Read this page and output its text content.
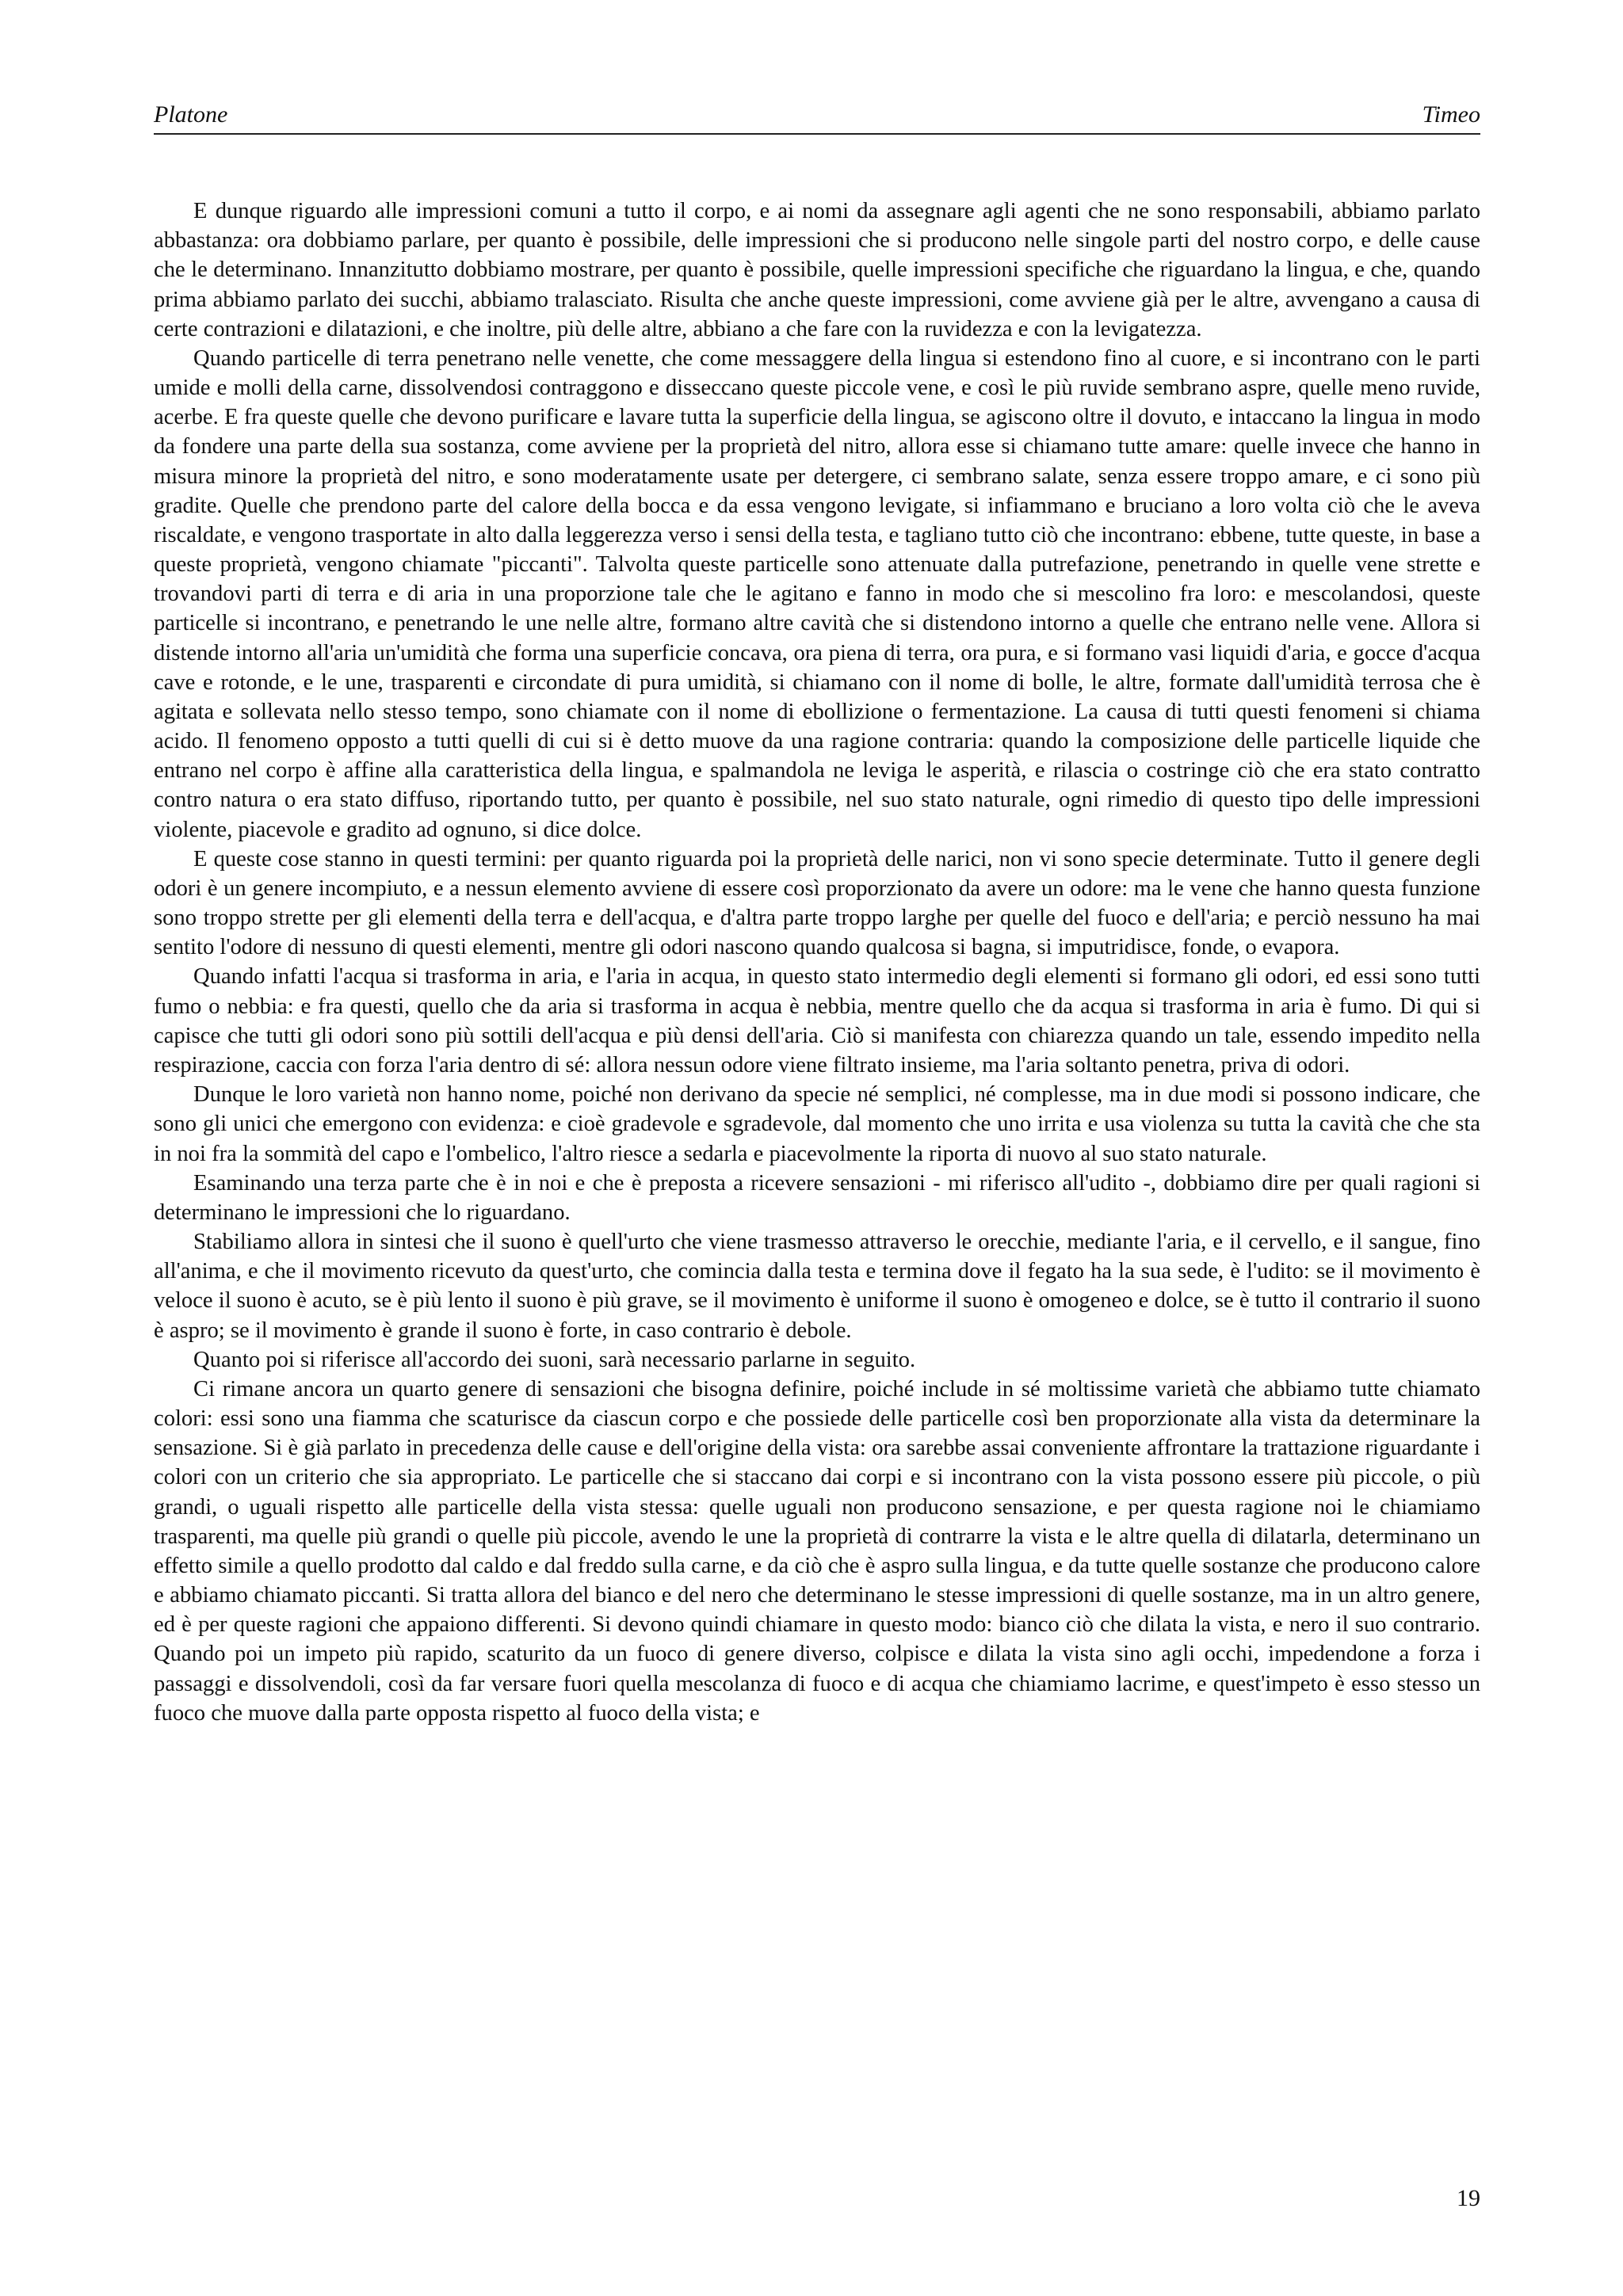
Platone	Timeo

E dunque riguardo alle impressioni comuni a tutto il corpo, e ai nomi da assegnare agli agenti che ne sono responsabili, abbiamo parlato abbastanza: ora dobbiamo parlare, per quanto è possibile, delle impressioni che si producono nelle singole parti del nostro corpo, e delle cause che le determinano. Innanzitutto dobbiamo mostrare, per quanto è possibile, quelle impressioni specifiche che riguardano la lingua, e che, quando prima abbiamo parlato dei succhi, abbiamo tralasciato. Risulta che anche queste impressioni, come avviene già per le altre, avvengano a causa di certe contrazioni e dilatazioni, e che inoltre, più delle altre, abbiano a che fare con la ruvidezza e con la levigatezza.

Quando particelle di terra penetrano nelle venette, che come messaggere della lingua si estendono fino al cuore, e si incontrano con le parti umide e molli della carne, dissolvendosi contraggono e disseccano queste piccole vene, e così le più ruvide sembrano aspre, quelle meno ruvide, acerbe. E fra queste quelle che devono purificare e lavare tutta la superficie della lingua, se agiscono oltre il dovuto, e intaccano la lingua in modo da fondere una parte della sua sostanza, come avviene per la proprietà del nitro, allora esse si chiamano tutte amare: quelle invece che hanno in misura minore la proprietà del nitro, e sono moderatamente usate per detergere, ci sembrano salate, senza essere troppo amare, e ci sono più gradite. Quelle che prendono parte del calore della bocca e da essa vengono levigate, si infiammano e bruciano a loro volta ciò che le aveva riscaldate, e vengono trasportate in alto dalla leggerezza verso i sensi della testa, e tagliano tutto ciò che incontrano: ebbene, tutte queste, in base a queste proprietà, vengono chiamate "piccanti". Talvolta queste particelle sono attenuate dalla putrefazione, penetrando in quelle vene strette e trovandovi parti di terra e di aria in una proporzione tale che le agitano e fanno in modo che si mescolino fra loro: e mescolandosi, queste particelle si incontrano, e penetrando le une nelle altre, formano altre cavità che si distendono intorno a quelle che entrano nelle vene. Allora si distende intorno all'aria un'umidità che forma una superficie concava, ora piena di terra, ora pura, e si formano vasi liquidi d'aria, e gocce d'acqua cave e rotonde, e le une, trasparenti e circondate di pura umidità, si chiamano con il nome di bolle, le altre, formate dall'umidità terrosa che è agitata e sollevata nello stesso tempo, sono chiamate con il nome di ebollizione o fermentazione. La causa di tutti questi fenomeni si chiama acido. Il fenomeno opposto a tutti quelli di cui si è detto muove da una ragione contraria: quando la composizione delle particelle liquide che entrano nel corpo è affine alla caratteristica della lingua, e spalmandola ne leviga le asperità, e rilascia o costringe ciò che era stato contratto contro natura o era stato diffuso, riportando tutto, per quanto è possibile, nel suo stato naturale, ogni rimedio di questo tipo delle impressioni violente, piacevole e gradito ad ognuno, si dice dolce.

E queste cose stanno in questi termini: per quanto riguarda poi la proprietà delle narici, non vi sono specie determinate. Tutto il genere degli odori è un genere incompiuto, e a nessun elemento avviene di essere così proporzionato da avere un odore: ma le vene che hanno questa funzione sono troppo strette per gli elementi della terra e dell'acqua, e d'altra parte troppo larghe per quelle del fuoco e dell'aria; e perciò nessuno ha mai sentito l'odore di nessuno di questi elementi, mentre gli odori nascono quando qualcosa si bagna, si imputridisce, fonde, o evapora.

Quando infatti l'acqua si trasforma in aria, e l'aria in acqua, in questo stato intermedio degli elementi si formano gli odori, ed essi sono tutti fumo o nebbia: e fra questi, quello che da aria si trasforma in acqua è nebbia, mentre quello che da acqua si trasforma in aria è fumo. Di qui si capisce che tutti gli odori sono più sottili dell'acqua e più densi dell'aria. Ciò si manifesta con chiarezza quando un tale, essendo impedito nella respirazione, caccia con forza l'aria dentro di sé: allora nessun odore viene filtrato insieme, ma l'aria soltanto penetra, priva di odori.

Dunque le loro varietà non hanno nome, poiché non derivano da specie né semplici, né complesse, ma in due modi si possono indicare, che sono gli unici che emergono con evidenza: e cioè gradevole e sgradevole, dal momento che uno irrita e usa violenza su tutta la cavità che che sta in noi fra la sommità del capo e l'ombelico, l'altro riesce a sedarla e piacevolmente la riporta di nuovo al suo stato naturale.

Esaminando una terza parte che è in noi e che è preposta a ricevere sensazioni - mi riferisco all'udito -, dobbiamo dire per quali ragioni si determinano le impressioni che lo riguardano.

Stabiliamo allora in sintesi che il suono è quell'urto che viene trasmesso attraverso le orecchie, mediante l'aria, e il cervello, e il sangue, fino all'anima, e che il movimento ricevuto da quest'urto, che comincia dalla testa e termina dove il fegato ha la sua sede, è l'udito: se il movimento è veloce il suono è acuto, se è più lento il suono è più grave, se il movimento è uniforme il suono è omogeneo e dolce, se è tutto il contrario il suono è aspro; se il movimento è grande il suono è forte, in caso contrario è debole.

Quanto poi si riferisce all'accordo dei suoni, sarà necessario parlarne in seguito.

Ci rimane ancora un quarto genere di sensazioni che bisogna definire, poiché include in sé moltissime varietà che abbiamo tutte chiamato colori: essi sono una fiamma che scaturisce da ciascun corpo e che possiede delle particelle così ben proporzionate alla vista da determinare la sensazione. Si è già parlato in precedenza delle cause e dell'origine della vista: ora sarebbe assai conveniente affrontare la trattazione riguardante i colori con un criterio che sia appropriato. Le particelle che si staccano dai corpi e si incontrano con la vista possono essere più piccole, o più grandi, o uguali rispetto alle particelle della vista stessa: quelle uguali non producono sensazione, e per questa ragione noi le chiamiamo trasparenti, ma quelle più grandi o quelle più piccole, avendo le une la proprietà di contrarre la vista e le altre quella di dilatarla, determinano un effetto simile a quello prodotto dal caldo e dal freddo sulla carne, e da ciò che è aspro sulla lingua, e da tutte quelle sostanze che producono calore e abbiamo chiamato piccanti. Si tratta allora del bianco e del nero che determinano le stesse impressioni di quelle sostanze, ma in un altro genere, ed è per queste ragioni che appaiono differenti. Si devono quindi chiamare in questo modo: bianco ciò che dilata la vista, e nero il suo contrario. Quando poi un impeto più rapido, scaturito da un fuoco di genere diverso, colpisce e dilata la vista sino agli occhi, impedendone a forza i passaggi e dissolvendoli, così da far versare fuori quella mescolanza di fuoco e di acqua che chiamiamo lacrime, e quest'impeto è esso stesso un fuoco che muove dalla parte opposta rispetto al fuoco della vista; e

19
